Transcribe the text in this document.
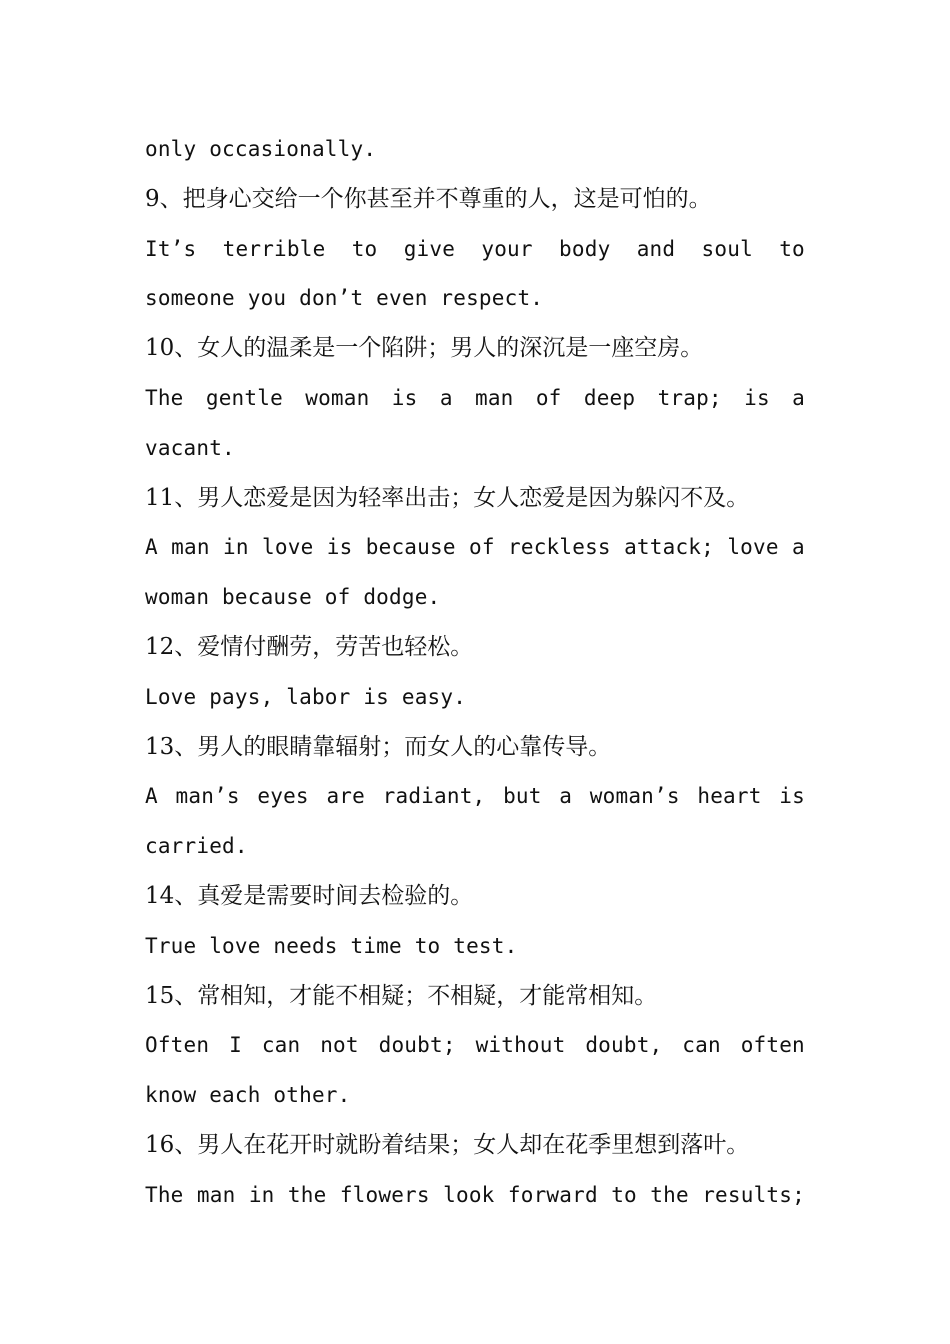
only occasionally.
9、把身心交给一个你甚至并不尊重的人，这是可怕的。
It’s terrible to give your body and soul to
someone you don’t even respect.
10、女人的温柔是一个陷阱；男人的深沉是一座空房。
The gentle woman is a man of deep trap; is a
vacant.
11、男人恋爱是因为轻率出击；女人恋爱是因为躲闪不及。
A man in love is because of reckless attack; love a
woman because of dodge.
12、爱情付酬劳，劳苦也轻松。
Love pays, labor is easy.
13、男人的眼睛靠辐射；而女人的心靠传导。
A man’s eyes are radiant, but a woman’s heart is
carried.
14、真爱是需要时间去检验的。
True love needs time to test.
15、常相知，才能不相疑；不相疑，才能常相知。
Often I can not doubt; without doubt, can often
know each other.
16、男人在花开时就盼着结果；女人却在花季里想到落叶。
The man in the flowers look forward to the results;
